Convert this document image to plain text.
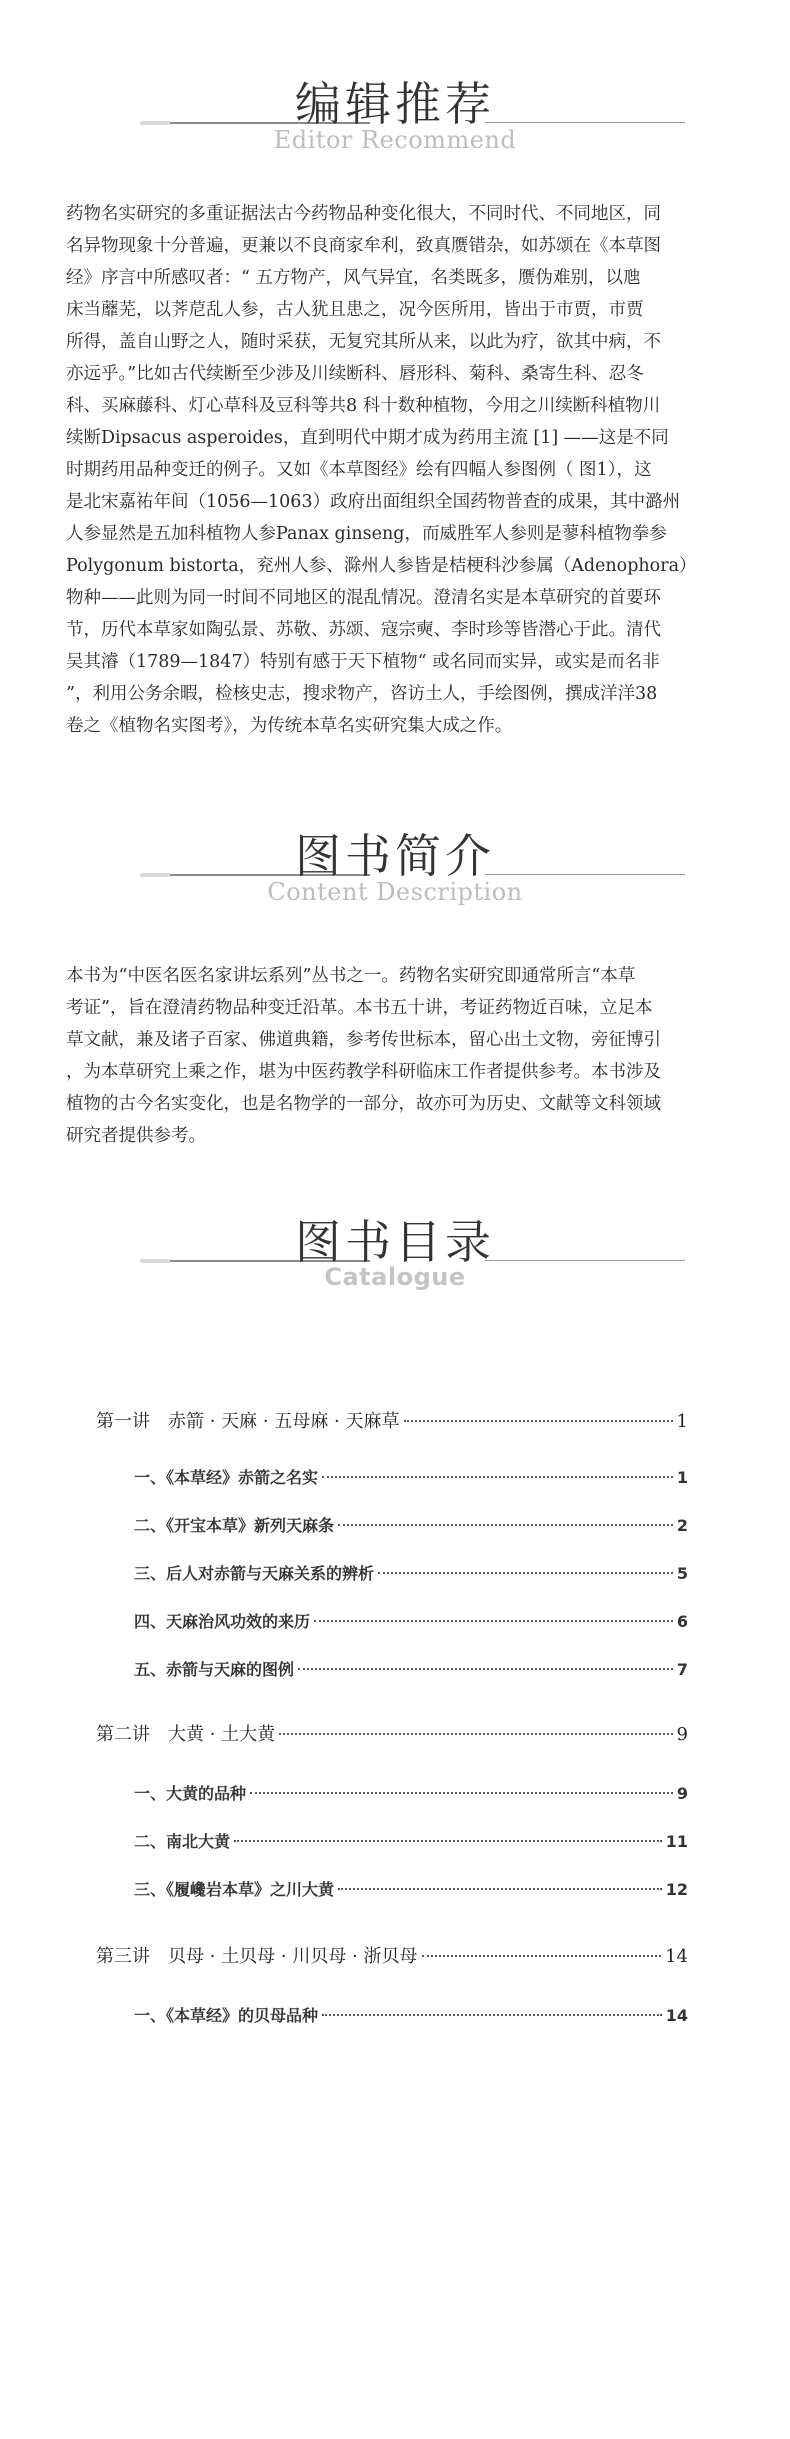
编辑推荐
Editor Recommend
药物名实研究的多重证据法古今药物品种变化很大，不同时代、不同地区，同
名异物现象十分普遍，更兼以不良商家牟利，致真赝错杂，如苏颂在《本草图
经》序言中所感叹者：“ 五方物产，风气异宜，名类既多，赝伪难别，以虺
床当蘼芜，以荠苨乱人参，古人犹且患之，况今医所用，皆出于市贾，市贾
所得，盖自山野之人，随时采获，无复究其所从来，以此为疗，欲其中病，不
亦远乎。”比如古代续断至少涉及川续断科、唇形科、菊科、桑寄生科、忍冬
科、买麻藤科、灯心草科及豆科等共8 科十数种植物，今用之川续断科植物川
续断Dipsacus asperoides，直到明代中期才成为药用主流 [1] ——这是不同
时期药用品种变迁的例子。又如《本草图经》绘有四幅人参图例（ 图1），这
是北宋嘉祐年间（1056—1063）政府出面组织全国药物普查的成果，其中潞州
人参显然是五加科植物人参Panax ginseng，而威胜军人参则是蓼科植物拳参
Polygonum bistorta，兖州人参、滁州人参皆是桔梗科沙参属（Adenophora）
物种——此则为同一时间不同地区的混乱情况。澄清名实是本草研究的首要环
节，历代本草家如陶弘景、苏敬、苏颂、寇宗奭、李时珍等皆潜心于此。清代
吴其濬（1789—1847）特别有感于天下植物“ 或名同而实异，或实是而名非
”，利用公务余暇，检核史志，搜求物产，咨访土人，手绘图例，撰成洋洋38
卷之《植物名实图考》，为传统本草名实研究集大成之作。
图书简介
Content Description
本书为“中医名医名家讲坛系列”丛书之一。药物名实研究即通常所言“本草
考证”，旨在澄清药物品种变迁沿革。本书五十讲，考证药物近百味，立足本
草文献，兼及诸子百家、佛道典籍，参考传世标本，留心出土文物，旁征博引
，为本草研究上乘之作，堪为中医药教学科研临床工作者提供参考。本书涉及
植物的古今名实变化，也是名物学的一部分，故亦可为历史、文献等文科领域
研究者提供参考。
图书目录
Catalogue
第一讲　赤箭 · 天麻 · 五母麻 · 天麻草	1
一、《本草经》赤箭之名实	1
二、《开宝本草》新列天麻条	2
三、后人对赤箭与天麻关系的辨析	5
四、天麻治风功效的来历	6
五、赤箭与天麻的图例	7
第二讲　大黄 · 土大黄	9
一、大黄的品种	9
二、南北大黄	11
三、《履巉岩本草》之川大黄	12
第三讲　贝母 · 土贝母 · 川贝母 · 浙贝母	14
一、《本草经》的贝母品种	14
